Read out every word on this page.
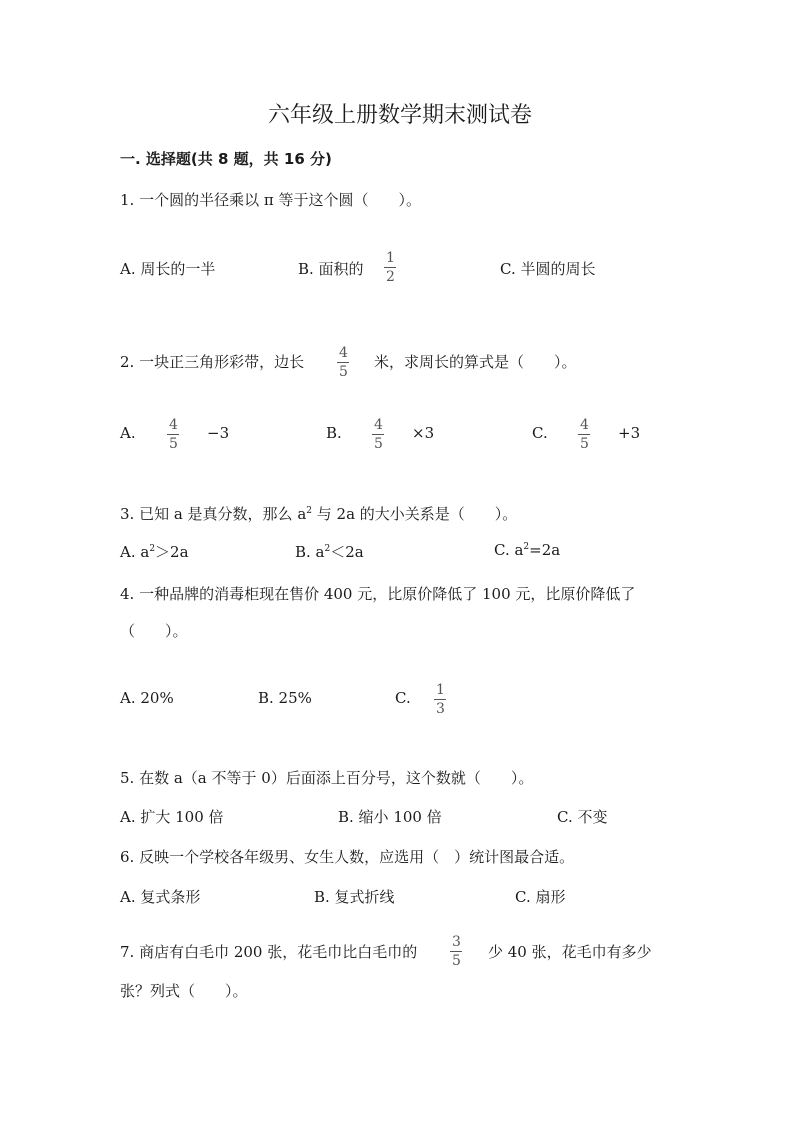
六年级上册数学期末测试卷
一. 选择题(共 8 题，共 16 分)
1. 一个圆的半径乘以 π 等于这个圆（　　）。
A. 周长的一半	B. 面积的
1
2	C. 半圆的周长
2. 一块正三角形彩带，边长 4
5
米，求周长的算式是（　　）。
A. 4
5
−3	B. 4
5
×3	C. 4
5
+3
3. 已知 a 是真分数，那么 $a^2$ 与 2a 的大小关系是（　　）。
A. $a^2>2a$	B. $a^2<2a$	C. $a^2=2a$
4. 一种品牌的消毒柜现在售价 400 元，比原价降低了 100 元，比原价降低了
（　　）。
A. 20%	B. 25%	C. 1
3
5. 在数 a（a 不等于 0）后面添上百分号，这个数就（　　）。
A. 扩大 100 倍	B. 缩小 100 倍	C. 不变
6. 反映一个学校各年级男、女生人数，应选用（　）统计图最合适。
A. 复式条形	B. 复式折线	C. 扇形
7. 商店有白毛巾 200 张，花毛巾比白毛巾的
3
5 少 40 张，花毛巾有多少
张？列式（　　）。
